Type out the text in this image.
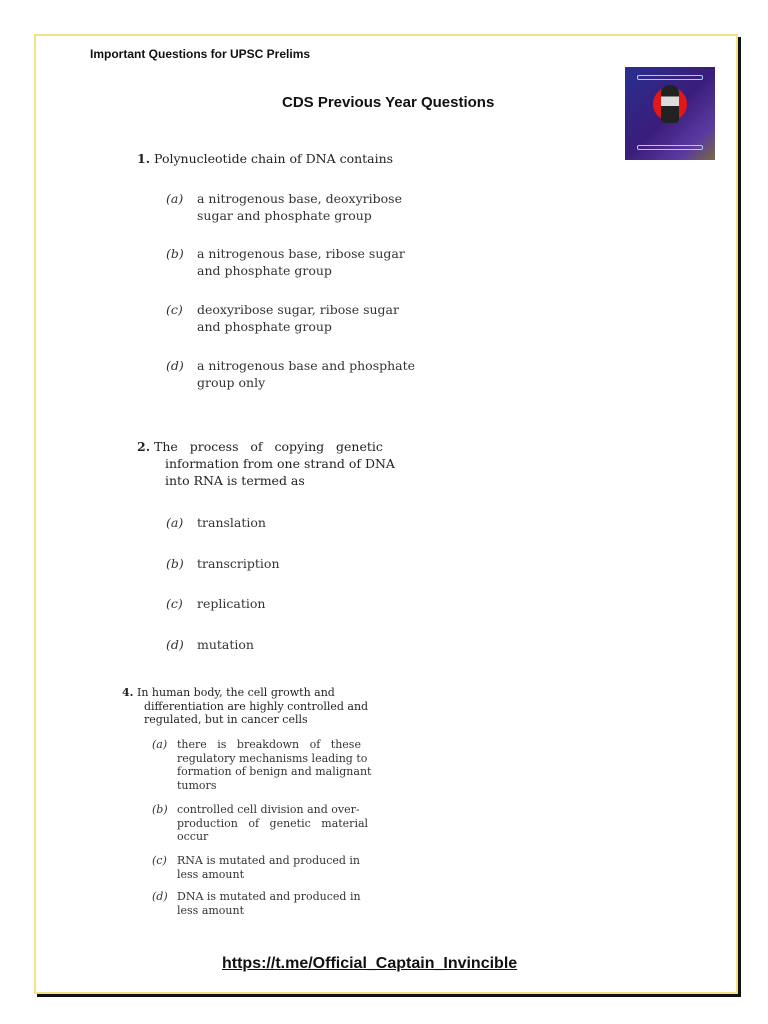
Important Questions for UPSC Prelims
CDS Previous Year Questions
1. Polynucleotide chain of DNA contains
(a) a nitrogenous base, deoxyribose
sugar and phosphate group
(b) a nitrogenous base, ribose sugar
and phosphate group
(c) deoxyribose sugar, ribose sugar
and phosphate group
(d) a nitrogenous base and phosphate
group only
2. The   process   of   copying   genetic
information from one strand of DNA
into RNA is termed as
(a) translation
(b) transcription
(c) replication
(d) mutation
4. In human body, the cell growth and
differentiation are highly controlled and
regulated, but in cancer cells
(a) there   is   breakdown   of   these
regulatory mechanisms leading to
formation of benign and malignant
tumors
(b) controlled cell division and over-
production   of   genetic   material
occur
(c) RNA is mutated and produced in
less amount
(d) DNA is mutated and produced in
less amount
https://t.me/Official_Captain_Invincible
